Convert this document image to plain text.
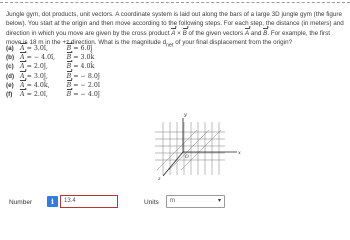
Jungle gym, dot products, unit vectors. A coordinate system is laid out along the bars of a large 3D jungle gym (the figure below). You start at the origin and then move according to the following steps. For each step, the distance (in meters) and direction in which you move are given by the cross product A × B of the given vectors A and B. For example, the first move is 18 m in the +z direction. What is the magnitude $d_{net}$ of your final displacement from the origin?

(a) A = 3.0î,	B = 6.0ĵ
(b) A = − 4.0î, B = 3.0k̂
(c) A = 2.0ĵ,	B = 4.0k̂
(d) A = 3.0ĵ,	B = − 8.0ĵ
(e) A = 4.0k̂,	B = − 2.0î
(f) A = 2.0î,	B = − 4.0ĵ
y
x
z
O
Number	i	13.4	Units	m	▾
